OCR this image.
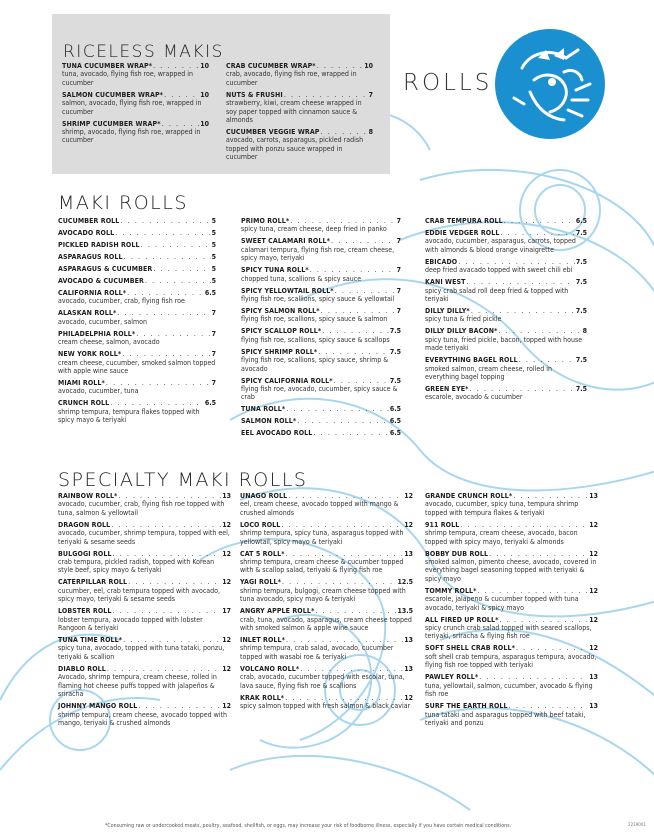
RICELESS MAKIS
ROLLS
MAKI ROLLS
SPECIALTY MAKI ROLLS
TUNA CUCUMBER WRAP* . . .	10
tuna, avocado, flying fish roe, wrapped in cucumber
SALMON CUCUMBER WRAP* . . .	10
salmon, avocado, flying fish roe, wrapped in cucumber
SHRIMP CUCUMBER WRAP* . . .	10
shrimp, avocado, flying fish roe, wrapped in cucumber
CRAB CUCUMBER WRAP* . . .	10
crab, avocado, flying fish roe, wrapped in cucumber
NUTS & FRUSHI . . .	7
strawberry, kiwi, cream cheese wrapped in soy paper topped with cinnamon sauce & almonds
CUCUMBER VEGGIE WRAP . . .	8
avocado, carrots, asparagus, pickled radish topped with ponzu sauce wrapped in cucumber
CUCUMBER ROLL . . .	5
AVOCADO ROLL . . .	5
PICKLED RADISH ROLL . . .	5
ASPARAGUS ROLL . . .	5
ASPARAGUS & CUCUMBER . . .	5
AVOCADO & CUCUMBER . . .	5
CALIFORNIA ROLL* . . .	6.5
avocado, cucumber, crab, flying fish roe
ALASKAN ROLL* . . .	7
avocado, cucumber, salmon
PHILADELPHIA ROLL* . . .	7
cream cheese, salmon, avocado
NEW YORK ROLL* . . .	7
cream cheese, cucumber, smoked salmon topped with apple wine sauce
MIAMI ROLL* . . .	7
avocado, cucumber, tuna
CRUNCH ROLL . . .	6.5
shrimp tempura, tempura flakes topped with spicy mayo & teriyaki
PRIMO ROLL* . . .	7
spicy tuna, cream cheese, deep fried in panko
SWEET CALAMARI ROLL* . . .	7
calamari tempura, flying fish roe, cream cheese, spicy mayo, teriyaki
SPICY TUNA ROLL* . . .	7
chopped tuna, scallions & spicy sauce
SPICY YELLOWTAIL ROLL* . . .	7
flying fish roe, scallions, spicy sauce & yellowtail
SPICY SALMON ROLL* . . .	7
flying fish roe, scallions, spicy sauce & salmon
SPICY SCALLOP ROLL* . . .	7.5
flying fish roe, scallions, spicy sauce & scallops
SPICY SHRIMP ROLL* . . .	7.5
flying fish roe, scallions, spicy sauce, shrimp & avocado
SPICY CALIFORNIA ROLL* . . .	7.5
flying fish roe, avocado, cucumber, spicy sauce & crab
TUNA ROLL* . . .	6.5
SALMON ROLL* . . .	6.5
EEL AVOCADO ROLL . . .	6.5
CRAB TEMPURA ROLL . . .	6.5
EDDIE VEDGER ROLL . . .	7.5
avocado, cucumber, asparagus, carrots, topped with almonds & blood orange vinaigrette
EBICADO . . .	7.5
deep fried avacado topped with sweet chili ebi
KANI WEST . . .	7.5
spicy crab salad roll deep fried & topped with teriyaki
DILLY DILLY* . . .	7.5
spicy tuna & fried pickle
DILLY DILLY BACON* . . .	8
spicy tuna, fried pickle, bacon, topped with house made teriyaki
EVERYTHING BAGEL ROLL . . .	7.5
smoked salmon, cream cheese, rolled in everything bagel topping
GREEN EYE* . . .	7.5
escarole, avocado & cucumber
RAINBOW ROLL* . . .	13
avocado, cucumber, crab, flying fish roe topped with tuna, salmon & yellowtail
DRAGON ROLL . . .	12
avocado, cucumber, shrimp tempura, topped with eel, teriyaki & sesame seeds
BULGOGI ROLL . . .	12
crab tempura, pickled radish, topped with Korean style beef, spicy mayo & teriyaki
CATERPILLAR ROLL . . .	12
cucumber, eel, crab tempura topped with avocado, spicy mayo, teriyaki & sesame seeds
LOBSTER ROLL . . .	17
lobster tempura, avocado topped with lobster Rangoon & teriyaki
TUNA TIME ROLL* . . .	12
spicy tuna, avocado, topped with tuna tataki, ponzu, teriyaki & scallion
DIABLO ROLL . . .	12
Avocado, shrimp tempura, cream cheese, rolled in flaming hot cheese puffs topped with jalapeños & sriracha
JOHNNY MANGO ROLL . . .	12
shrimp tempura, cream cheese, avocado topped with mango, teriyaki & crushed almonds
UNAGO ROLL . . .	12
eel, cream cheese, avocado topped with mango & crushed almonds
LOCO ROLL . . .	12
shrimp tempura, spicy tuna, asparagus topped with yellowtail, spicy mayo & teriyaki
CAT 5 ROLL* . . .	13
shrimp tempura, cream cheese & cucumber topped with & scallop salad, teriyaki & flying fish roe
YAGI ROLL* . . .	12.5
shrimp tempura, bulgogi, cream cheese topped with tuna avocado, spicy mayo & teriyaki
ANGRY APPLE ROLL* . . .	13.5
crab, tuna, avocado, asparagus, cream cheese topped with smoked salmon & apple wine sauce
INLET ROLL* . . .	13
shrimp tempura, crab salad, avocado, cucumber topped with wasabi roe & teriyaki
VOLCANO ROLL* . . .	13
crab, avocado, cucumber topped with escolar, tuna, lava sauce, flying fish roe & scallions
KRAK ROLL* . . .	12
spicy salmon topped with fresh salmon & black caviar
GRANDE CRUNCH ROLL* . . .	13
avocado, cucumber, spicy tuna, tempura shrimp topped with tempura flakes & teriyaki
911 ROLL . . .	12
shrimp tempura, cream cheese, avocado, bacon topped with spicy mayo, teriyaki & almonds
BOBBY DUB ROLL . . .	12
smoked salmon, pimento cheese, avocado, covered in everything bagel seasoning topped with teriyaki & spicy mayo
TOMMY ROLL* . . .	12
escarole, jalapeno & cucumber topped with tuna avocado, teriyaki & spicy mayo
ALL FIRED UP ROLL* . . .	12
spicy crunch crab salad topped with seared scallops, teriyaki, sriracha & flying fish roe
SOFT SHELL CRAB ROLL* . . .	12
soft shell crab tempura, asparagus tempura, avocado, flying fish roe topped with teriyaki
PAWLEY ROLL* . . .	13
tuna, yellowtail, salmon, cucumber, avocado & flying fish roe
SURF THE EARTH ROLL . . .	13
tuna tataki and asparagus topped with beef tataki, teriyaki and ponzu
*Consuming raw or undercooked meats, poultry, seafood, shellfish, or eggs, may increase your risk of foodborne illness, especially if you have certain medical conditions.	2219001
